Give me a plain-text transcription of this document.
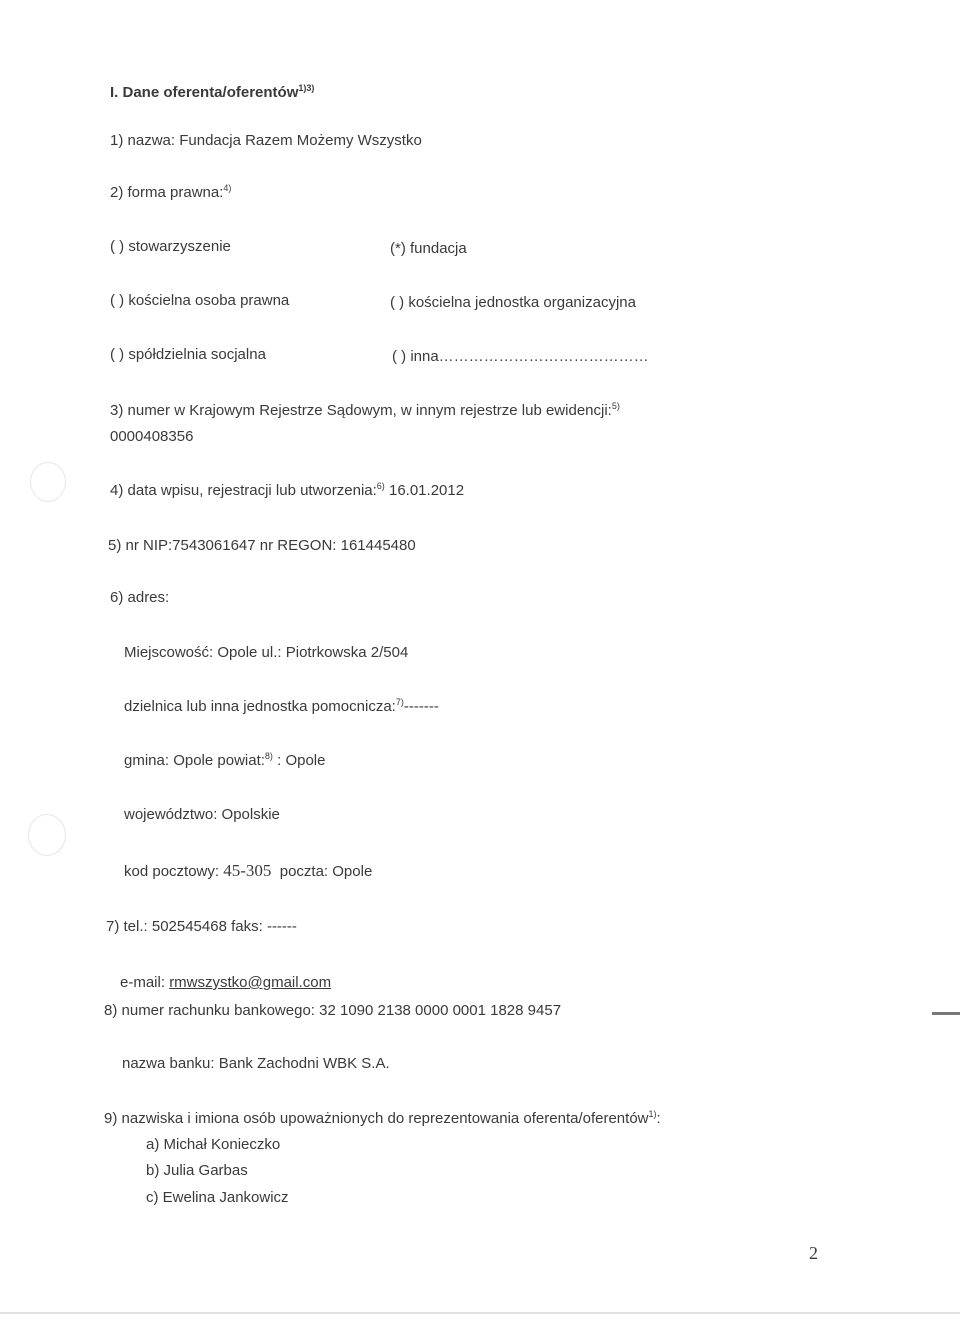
I. Dane oferenta/oferentów$^{1)3)}$
1) nazwa: Fundacja Razem Możemy Wszystko
2) forma prawna:$^{4)}$
( ) stowarzyszenie	(*) fundacja
( ) kościelna osoba prawna	( ) kościelna jednostka organizacyjna
( ) spółdzielnia socjalna	( ) inna……………………………………
3) numer w Krajowym Rejestrze Sądowym, w innym rejestrze lub ewidencji:$^{5)}$
0000408356
4) data wpisu, rejestracji lub utworzenia:$^{6)}$ 16.01.2012
5) nr NIP:7543061647 nr REGON: 161445480
6) adres:
Miejscowość: Opole ul.: Piotrkowska 2/504
dzielnica lub inna jednostka pomocnicza:$^{7)}$-------
gmina: Opole powiat:$^{8)}$ : Opole
województwo: Opolskie
kod pocztowy: 45-305 poczta: Opole
7) tel.: 502545468 faks: ------
e-mail: rmwszystko@gmail.com
8) numer rachunku bankowego: 32 1090 2138 0000 0001 1828 9457
nazwa banku: Bank Zachodni WBK S.A.
9) nazwiska i imiona osób upoważnionych do reprezentowania oferenta/oferentów$^{1)}$:
a) Michał Konieczko
b) Julia Garbas
c) Ewelina Jankowicz
2
